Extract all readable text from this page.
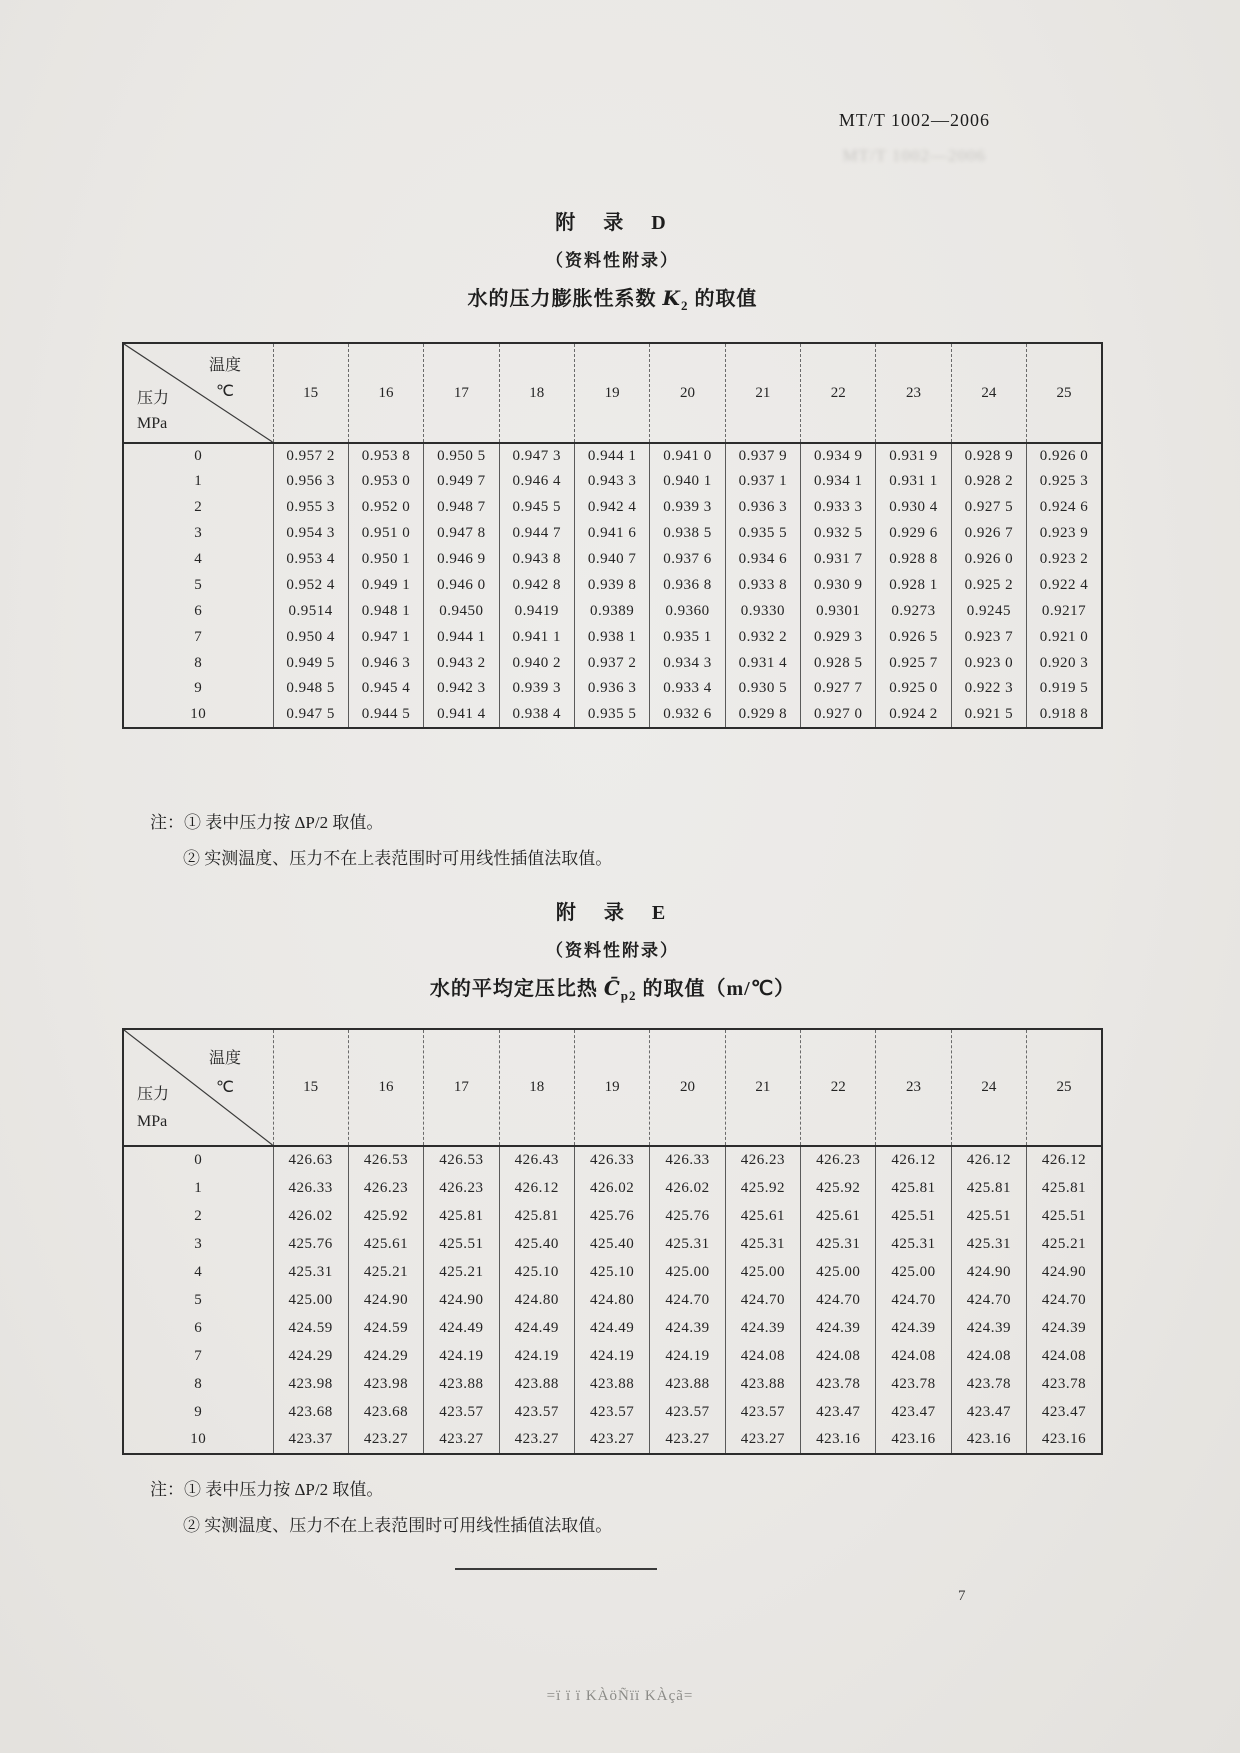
MT/T 1002—2006
MT/T 1002—2006
附　录　D
（资料性附录）
水的压力膨胀性系数 $K_2$ 的取值
温度
℃
压力
MPa	15	16	17	18	19	20	21	22	23	24	25
0	0.957 2	0.953 8	0.950 5	0.947 3	0.944 1	0.941 0	0.937 9	0.934 9	0.931 9	0.928 9	0.926 0
1	0.956 3	0.953 0	0.949 7	0.946 4	0.943 3	0.940 1	0.937 1	0.934 1	0.931 1	0.928 2	0.925 3
2	0.955 3	0.952 0	0.948 7	0.945 5	0.942 4	0.939 3	0.936 3	0.933 3	0.930 4	0.927 5	0.924 6
3	0.954 3	0.951 0	0.947 8	0.944 7	0.941 6	0.938 5	0.935 5	0.932 5	0.929 6	0.926 7	0.923 9
4	0.953 4	0.950 1	0.946 9	0.943 8	0.940 7	0.937 6	0.934 6	0.931 7	0.928 8	0.926 0	0.923 2
5	0.952 4	0.949 1	0.946 0	0.942 8	0.939 8	0.936 8	0.933 8	0.930 9	0.928 1	0.925 2	0.922 4
6	0.9514	0.948 1	0.9450	0.9419	0.9389	0.9360	0.9330	0.9301	0.9273	0.9245	0.9217
7	0.950 4	0.947 1	0.944 1	0.941 1	0.938 1	0.935 1	0.932 2	0.929 3	0.926 5	0.923 7	0.921 0
8	0.949 5	0.946 3	0.943 2	0.940 2	0.937 2	0.934 3	0.931 4	0.928 5	0.925 7	0.923 0	0.920 3
9	0.948 5	0.945 4	0.942 3	0.939 3	0.936 3	0.933 4	0.930 5	0.927 7	0.925 0	0.922 3	0.919 5
10	0.947 5	0.944 5	0.941 4	0.938 4	0.935 5	0.932 6	0.929 8	0.927 0	0.924 2	0.921 5	0.918 8
注：① 表中压力按 ΔP/2 取值。
② 实测温度、压力不在上表范围时可用线性插值法取值。
附　录　E
（资料性附录）
水的平均定压比热 $C̄_{p2}$ 的取值（m/℃）
温度
℃
压力
MPa	15	16	17	18	19	20	21	22	23	24	25
0	426.63	426.53	426.53	426.43	426.33	426.33	426.23	426.23	426.12	426.12	426.12
1	426.33	426.23	426.23	426.12	426.02	426.02	425.92	425.92	425.81	425.81	425.81
2	426.02	425.92	425.81	425.81	425.76	425.76	425.61	425.61	425.51	425.51	425.51
3	425.76	425.61	425.51	425.40	425.40	425.31	425.31	425.31	425.31	425.31	425.21
4	425.31	425.21	425.21	425.10	425.10	425.00	425.00	425.00	425.00	424.90	424.90
5	425.00	424.90	424.90	424.80	424.80	424.70	424.70	424.70	424.70	424.70	424.70
6	424.59	424.59	424.49	424.49	424.49	424.39	424.39	424.39	424.39	424.39	424.39
7	424.29	424.29	424.19	424.19	424.19	424.19	424.08	424.08	424.08	424.08	424.08
8	423.98	423.98	423.88	423.88	423.88	423.88	423.88	423.78	423.78	423.78	423.78
9	423.68	423.68	423.57	423.57	423.57	423.57	423.57	423.47	423.47	423.47	423.47
10	423.37	423.27	423.27	423.27	423.27	423.27	423.27	423.16	423.16	423.16	423.16
注：① 表中压力按 ΔP/2 取值。
② 实测温度、压力不在上表范围时可用线性插值法取值。
7
=ï ï ï KÀöÑïï KÀçã=
